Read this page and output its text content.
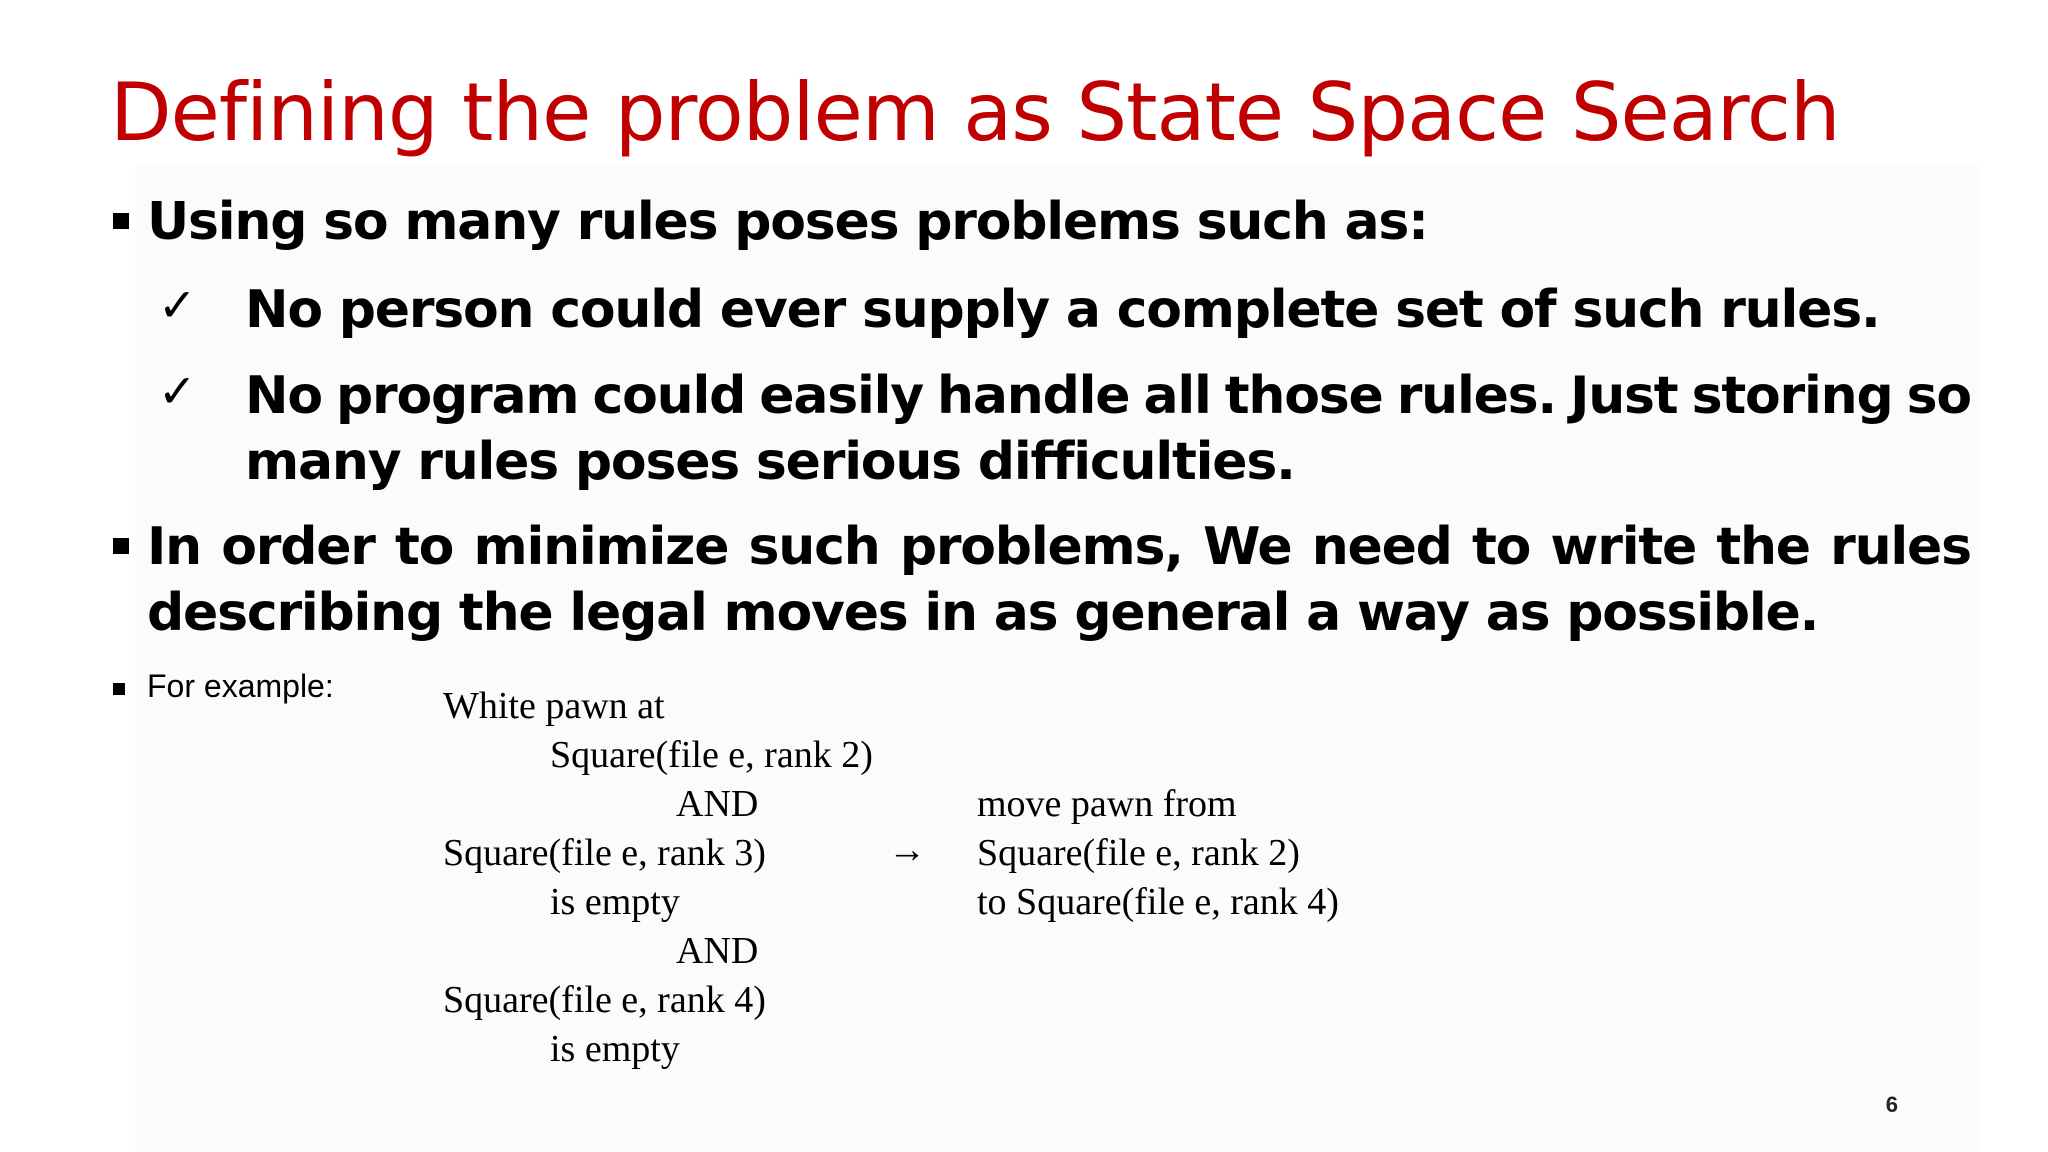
Defining the problem as State Space Search
Using so many rules poses problems such as:
✓ No person could ever supply a complete set of such rules.
✓ No program could easily handle all those rules. Just storing so
many rules poses serious difficulties.
In order to minimize such problems, We need to write the rules
describing the legal moves in as general a way as possible.
For example:	White pawn at
Square(file e, rank 2)
AND
Square(file e, rank 3)
is empty
AND
Square(file e, rank 4)
is empty
→
move pawn from
Square(file e, rank 2)
to Square(file e, rank 4)
6
